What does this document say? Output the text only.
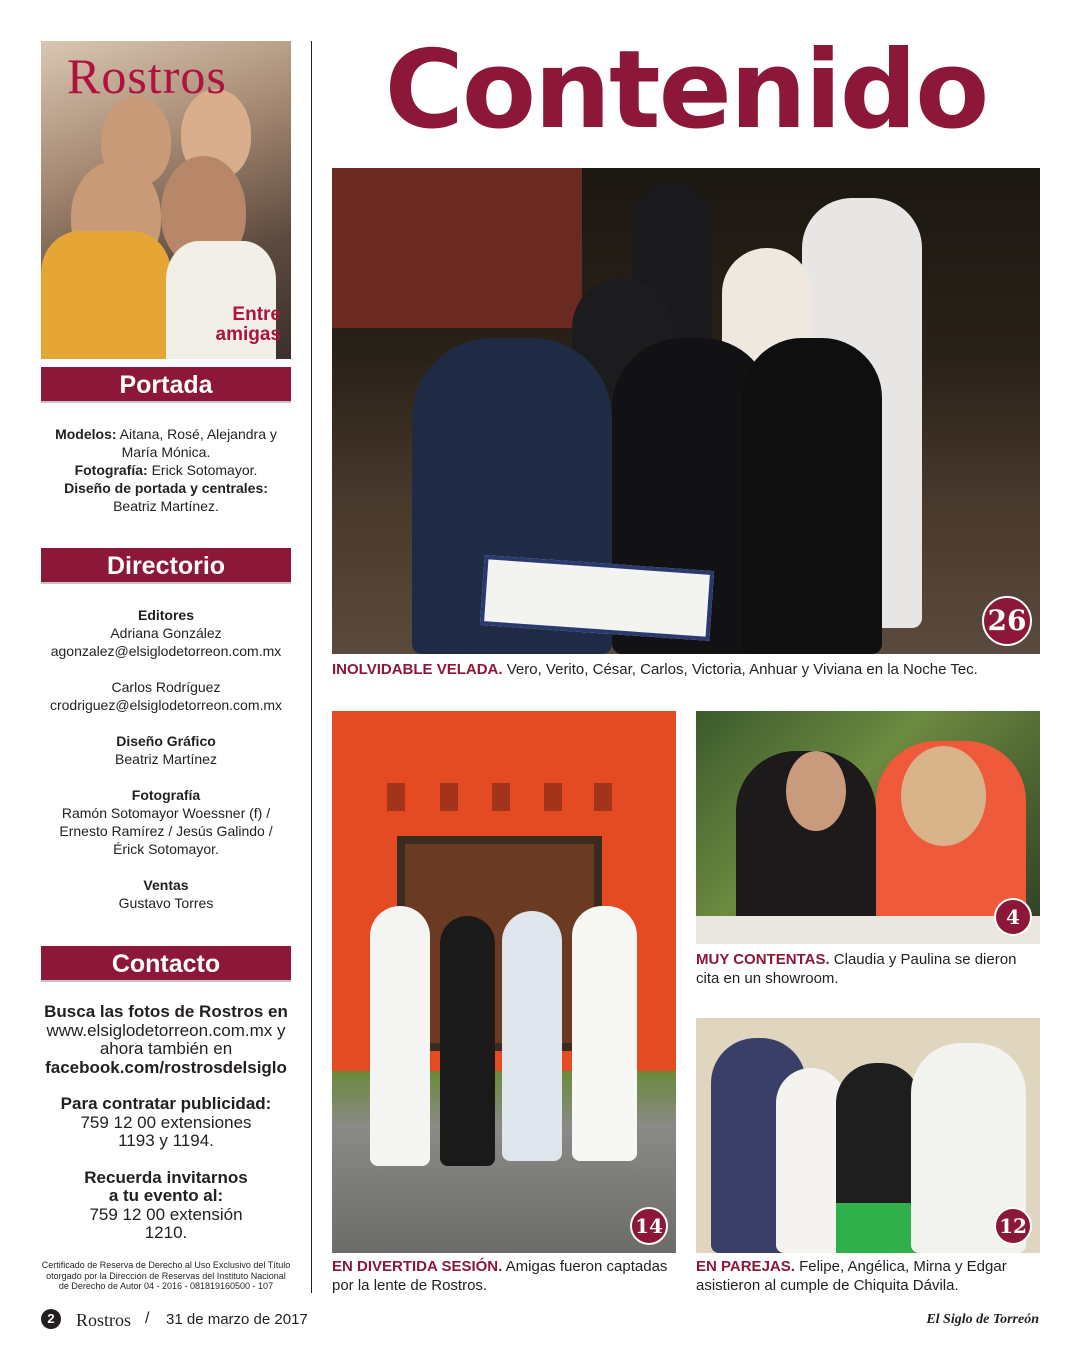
Rostros
Entre
amigas
Portada
Modelos: Aitana, Rosé, Alejandra y María Mónica.
Fotografía: Erick Sotomayor.
Diseño de portada y centrales:
Beatriz Martínez.
Directorio
Editores
Adriana González
agonzalez@elsiglodetorreon.com.mx
Carlos Rodríguez
crodriguez@elsiglodetorreon.com.mx
Diseño Gráfico
Beatriz Martínez
Fotografía
Ramón Sotomayor Woessner (f) /
Ernesto Ramírez / Jesús Galindo /
Érick Sotomayor.
Ventas
Gustavo Torres
Contacto
Busca las fotos de Rostros en
www.elsiglodetorreon.com.mx y
ahora también en
facebook.com/rostrosdelsiglo
Para contratar publicidad:
759 12 00 extensiones
1193 y 1194.
Recuerda invitarnos
a tu evento al:
759 12 00 extensión
1210.
Certificado de Reserva de Derecho al Uso Exclusivo del Título
otorgado por la Dirección de Reservas del Instituto Nacional
de Derecho de Autor 04 - 2016 - 081819160500 - 107
Contenido
26
INOLVIDABLE VELADA. Vero, Verito, César, Carlos, Victoria, Anhuar y Viviana en la Noche Tec.
14
EN DIVERTIDA SESIÓN. Amigas fueron captadas por la lente de Rostros.
4
MUY CONTENTAS. Claudia y Paulina se dieron cita en un showroom.
12
EN PAREJAS. Felipe, Angélica, Mirna y Edgar asistieron al cumple de Chiquita Dávila.
2	Rostros / 31 de marzo de 2017	El Siglo de Torreón
